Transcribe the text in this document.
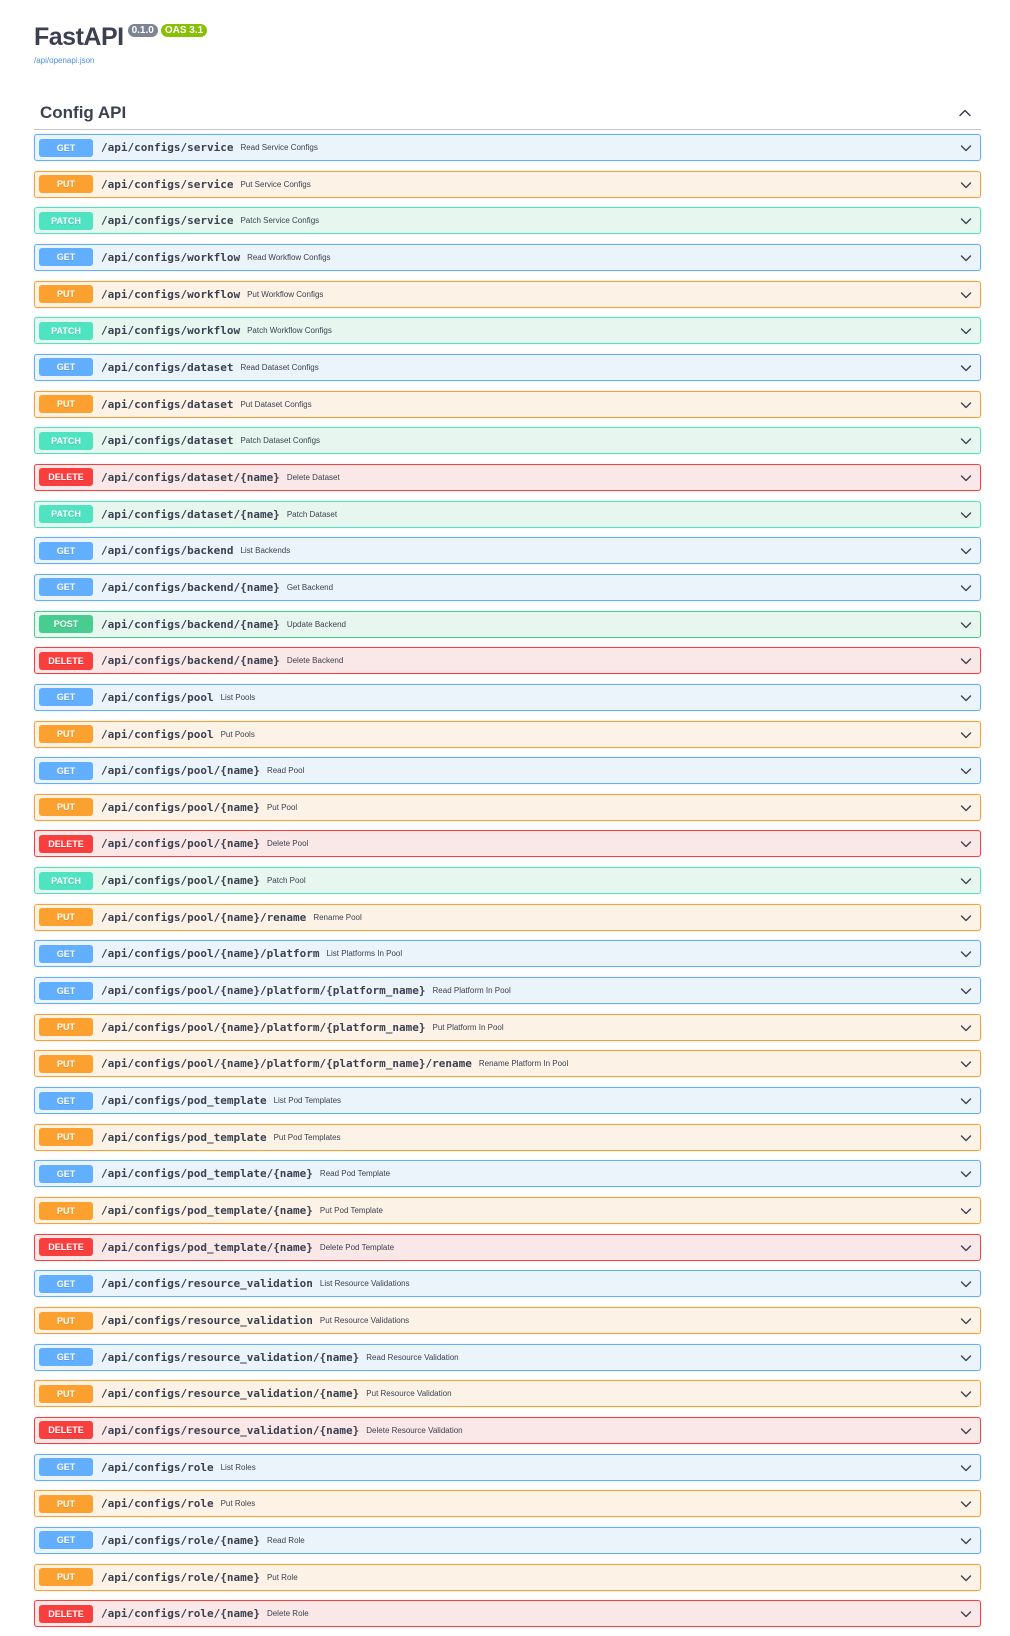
FastAPI 0.1.0	OAS 3.1
/api/openapi.json
Config API
GET	/api/configs/service Read Service Configs
PUT	/api/configs/service Put Service Configs
PATCH	/api/configs/service Patch Service Configs
GET	/api/configs/workflow Read Workflow Configs
PUT	/api/configs/workflow Put Workflow Configs
PATCH	/api/configs/workflow Patch Workflow Configs
GET	/api/configs/dataset Read Dataset Configs
PUT	/api/configs/dataset Put Dataset Configs
PATCH	/api/configs/dataset Patch Dataset Configs
DELETE	/api/configs/dataset/{name} Delete Dataset
PATCH	/api/configs/dataset/{name} Patch Dataset
GET	/api/configs/backend List Backends
GET	/api/configs/backend/{name} Get Backend
POST	/api/configs/backend/{name} Update Backend
DELETE	/api/configs/backend/{name} Delete Backend
GET	/api/configs/pool List Pools
PUT	/api/configs/pool Put Pools
GET	/api/configs/pool/{name} Read Pool
PUT	/api/configs/pool/{name} Put Pool
DELETE	/api/configs/pool/{name} Delete Pool
PATCH	/api/configs/pool/{name} Patch Pool
PUT	/api/configs/pool/{name}/rename Rename Pool
GET	/api/configs/pool/{name}/platform List Platforms In Pool
GET	/api/configs/pool/{name}/platform/{platform_name} Read Platform In Pool
PUT	/api/configs/pool/{name}/platform/{platform_name} Put Platform In Pool
PUT	/api/configs/pool/{name}/platform/{platform_name}/rename Rename Platform In Pool
GET	/api/configs/pod_template List Pod Templates
PUT	/api/configs/pod_template Put Pod Templates
GET	/api/configs/pod_template/{name} Read Pod Template
PUT	/api/configs/pod_template/{name} Put Pod Template
DELETE	/api/configs/pod_template/{name} Delete Pod Template
GET	/api/configs/resource_validation List Resource Validations
PUT	/api/configs/resource_validation Put Resource Validations
GET	/api/configs/resource_validation/{name} Read Resource Validation
PUT	/api/configs/resource_validation/{name} Put Resource Validation
DELETE	/api/configs/resource_validation/{name} Delete Resource Validation
GET	/api/configs/role List Roles
PUT	/api/configs/role Put Roles
GET	/api/configs/role/{name} Read Role
PUT	/api/configs/role/{name} Put Role
DELETE	/api/configs/role/{name} Delete Role
